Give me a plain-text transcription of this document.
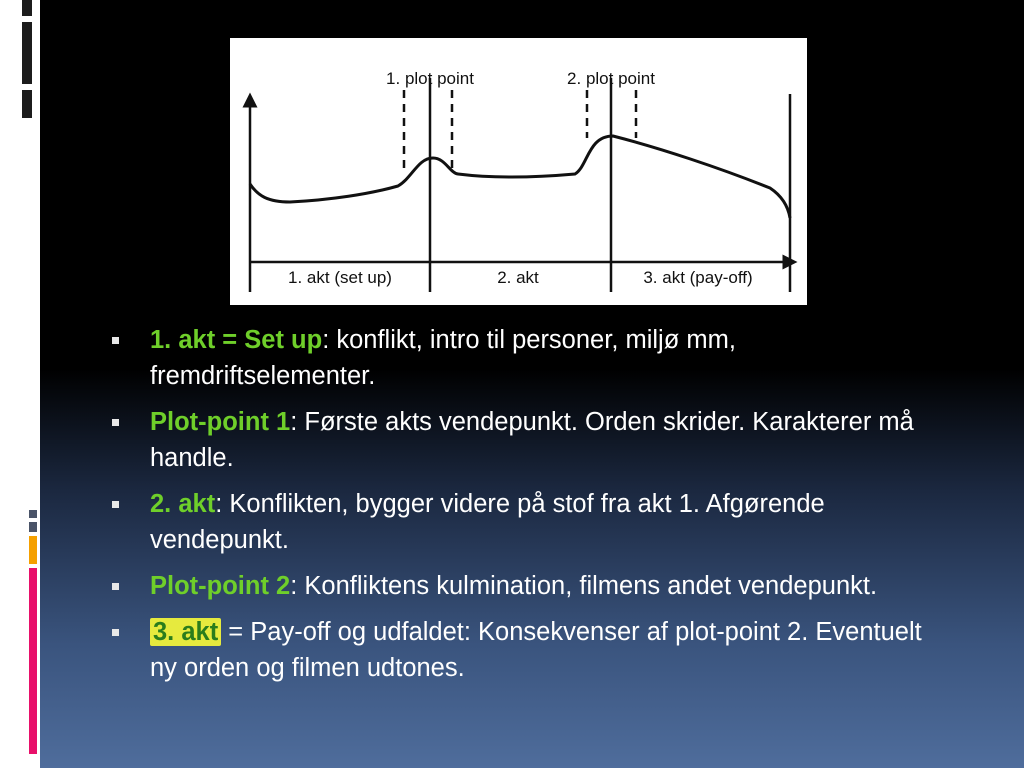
1. plot point	2. plot point
1. akt (set up)	2. akt	3. akt (pay-off)
1. akt = Set up: konflikt, intro til personer, miljø mm, fremdriftselementer.
Plot-point 1: Første akts vendepunkt. Orden skrider. Karakterer må handle.
2. akt: Konflikten, bygger videre på stof fra akt 1. Afgørende vendepunkt.
Plot-point 2: Konfliktens kulmination, filmens andet vendepunkt.
3. akt = Pay-off og udfaldet: Konsekvenser af plot-point 2. Eventuelt ny orden og filmen udtones.
